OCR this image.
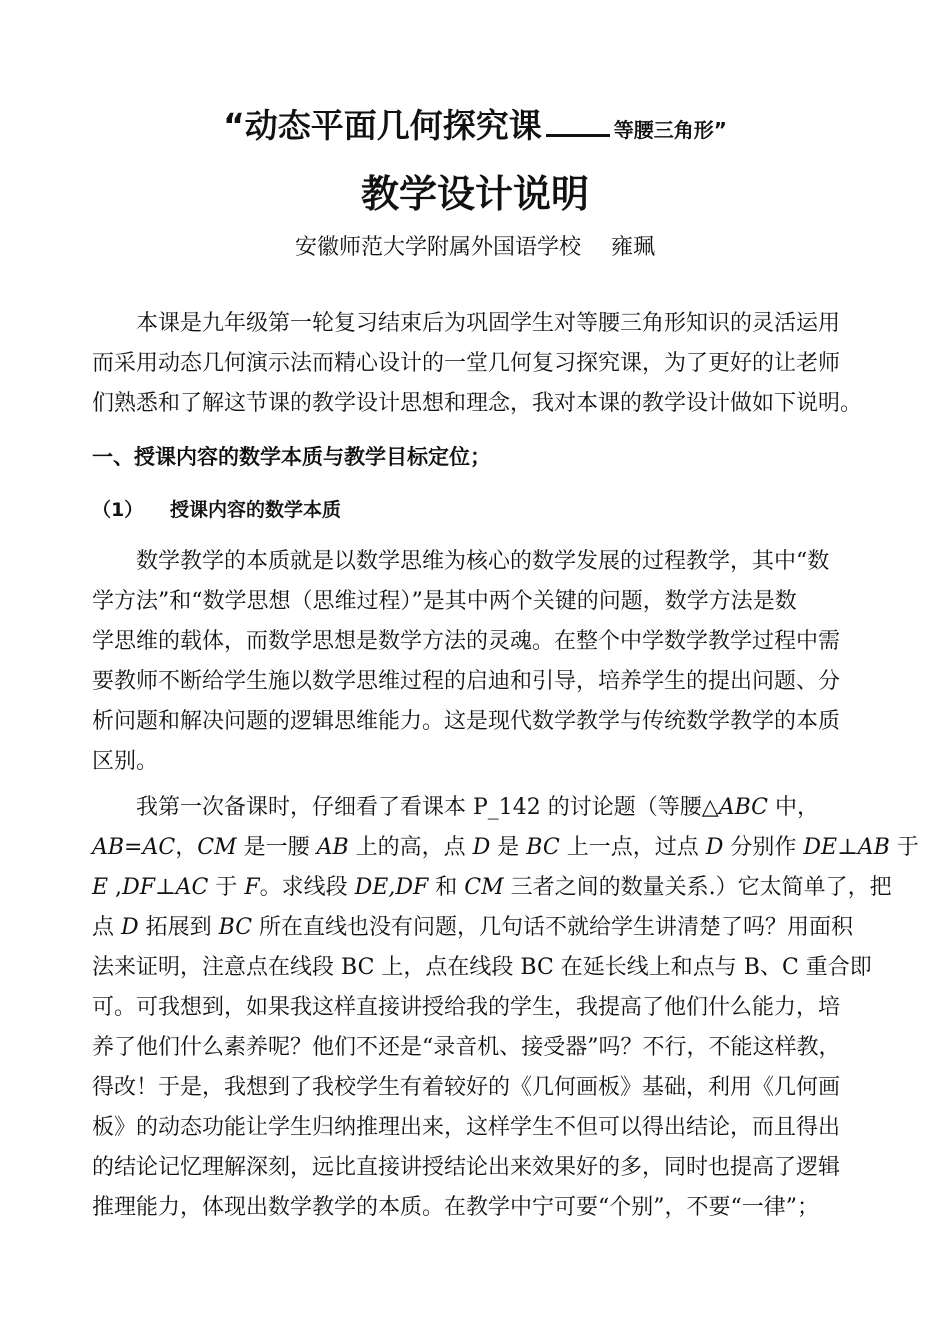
“动态平面几何探究课	等腰三角形”
教学设计说明
安徽师范大学附属外国语学校 雍珮
本课是九年级第一轮复习结束后为巩固学生对等腰三角形知识的灵活运用
而采用动态几何演示法而精心设计的一堂几何复习探究课，为了更好的让老师
们熟悉和了解这节课的教学设计思想和理念，我对本课的教学设计做如下说明。
一、授课内容的数学本质与教学目标定位；
（1） 授课内容的数学本质
数学教学的本质就是以数学思维为核心的数学发展的过程教学，其中“数
学方法”和“数学思想（思维过程）”是其中两个关键的问题，数学方法是数
学思维的载体，而数学思想是数学方法的灵魂。在整个中学数学教学过程中需
要教师不断给学生施以数学思维过程的启迪和引导，培养学生的提出问题、分
析问题和解决问题的逻辑思维能力。这是现代数学教学与传统数学教学的本质
区别。
我第一次备课时，仔细看了看课本 P_142 的讨论题（等腰△ABC 中，
AB=AC，CM 是一腰 AB 上的高，点 D 是 BC 上一点，过点 D 分别作 DE⊥AB 于
E ,DF⊥AC 于 F。求线段 DE,DF 和 CM 三者之间的数量关系.）它太简单了，把
点 D 拓展到 BC 所在直线也没有问题，几句话不就给学生讲清楚了吗？用面积
法来证明，注意点在线段 BC 上，点在线段 BC 在延长线上和点与 B、C 重合即
可。可我想到，如果我这样直接讲授给我的学生，我提高了他们什么能力，培
养了他们什么素养呢？他们不还是“录音机、接受器”吗？不行，不能这样教，
得改！于是，我想到了我校学生有着较好的《几何画板》基础，利用《几何画
板》的动态功能让学生归纳推理出来，这样学生不但可以得出结论，而且得出
的结论记忆理解深刻，远比直接讲授结论出来效果好的多，同时也提高了逻辑
推理能力，体现出数学教学的本质。在教学中宁可要“个别”，不要“一律”；
